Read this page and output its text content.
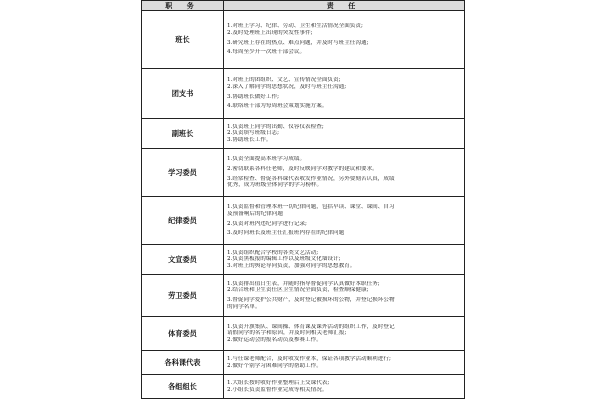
职 务	责 任
班长	1.对班上学习、纪律、劳动、卫生和生活情况全面负责;
2.及时处理班上出现的突发性事件;
3.研究班上存在的热点、难点问题，并及时与班主任沟通;
4.每周至少开一次班干部会议。

团支书	1.对班上的团组织、文艺、宣传情况全面负责;
2.深入了解同学的思想状况，及时与班主任沟通;
3.协助班长做好工作;
4.联络班干部为每周班会策划实施方案。

副班长	1.负责班上同学的出勤、仪容仪表检查;
2.负责填写班级日志;
3.协助班长工作。

学习委员	1.负责全面提高本班学习成绩。
2.密切联系各科任老师，及时反映同学对教学的建议和要求。
3.经常检查、督促各科课代表收发作业情况，另外要刻苦认真，成绩
优秀，成为班级全体同学的学习榜样。

纪律委员	1.负责监督和管理本班一切纪律问题，包括早读、课堂、课间、自习
及预备响后的纪律问题
2.负责对班内违纪同学进行记录;
3.及时向班长及班主任汇报班内存在的纪律问题

文宣委员	1.负责组织配合学校的各类文艺活动;
2.负责黑板报的编辑工作以及班级文化墙设计;
3.对班上的舆论导向负责，加强对同学的思想教育。

劳卫委员	1.负责排出值日生表，并随时指导督促同学认真做好本职任务;
2.结合班和卫生责任区卫生情况全面负责，检查顺保健康;
3.督促同学爱护公共财产，及时登记被损坏的公物，并登记损坏公物
的同学名单。

体育委员	1.负责升旗集队、课间操、体育课及课外活动的组织工作，及时登记
请假同学的名字和原因，并及时向相关老师汇报;
2.做好运动会的报名动员及参赛工作。

各科课代表	1.与任课老师配合，及时收发作业本，保证各项教学活动顺利进行;
2.做好个别学习困难同学的帮助工作。

各组组长	1.大组长按时收好作业整理后上交课代表;
2.小组长负责监督作业完成等相关情况。
